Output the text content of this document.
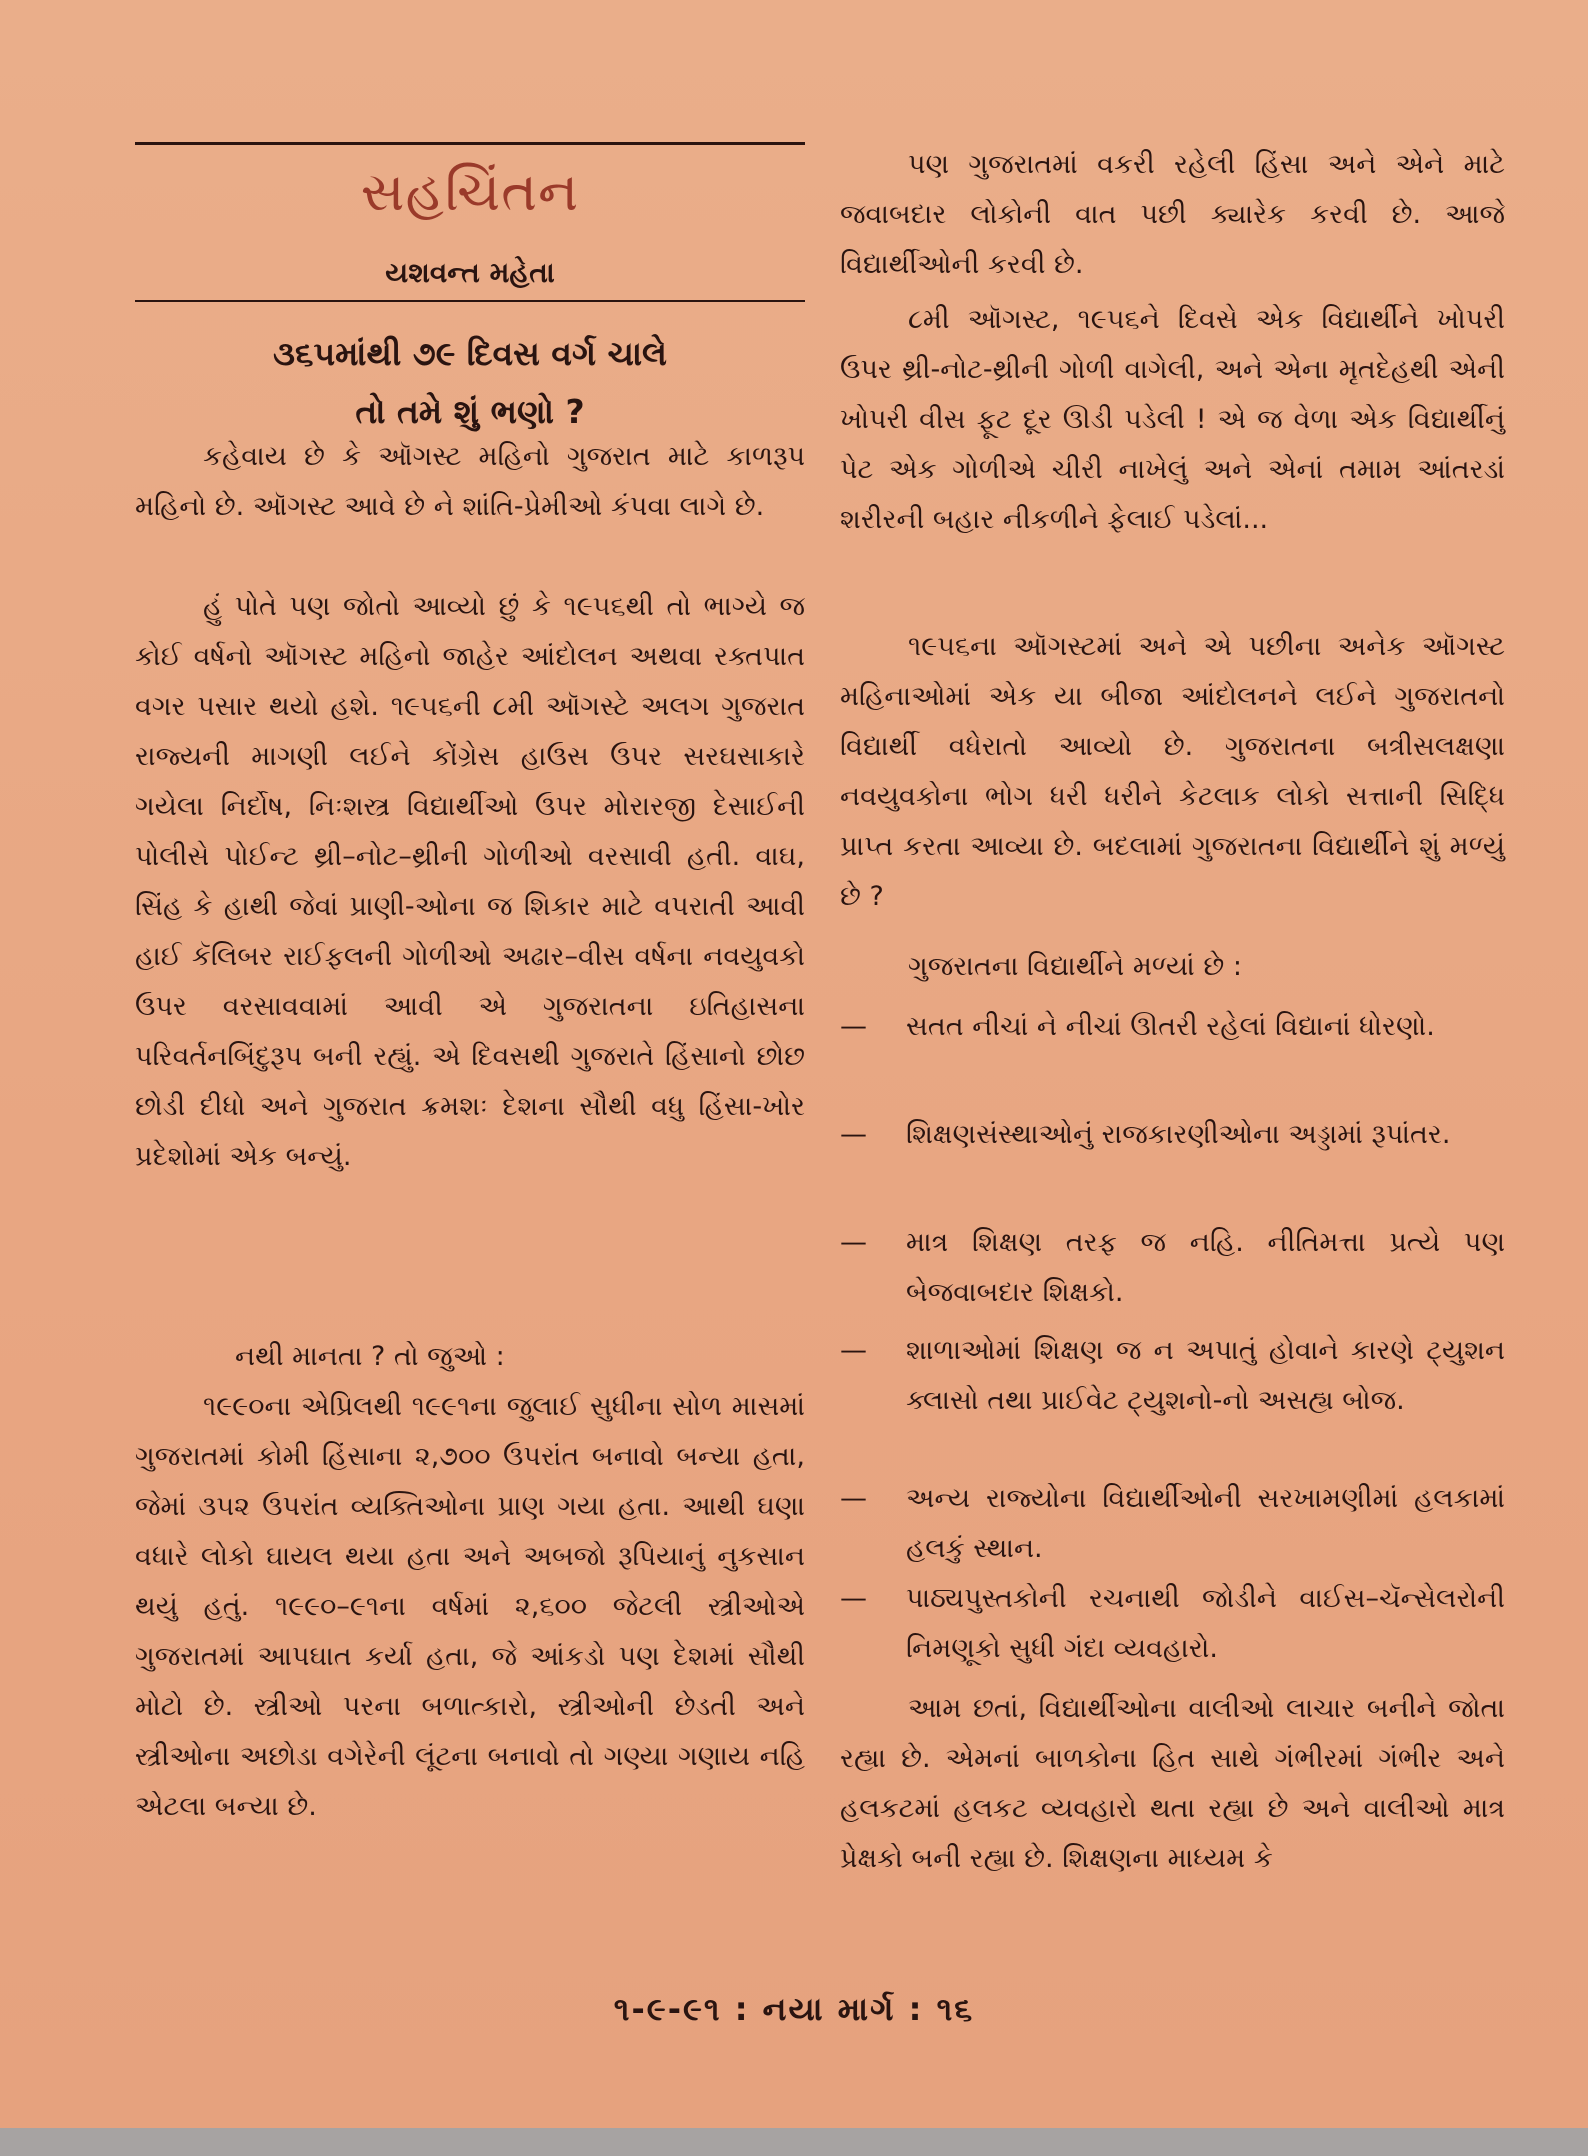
સહચિંતન
યશવન્ત મહેતા
૩૬૫માંથી ૭૯ દિવસ વર્ગ ચાલે
તો તમે શું ભણો ?

કહેવાય છે કે ઑગસ્ટ મહિનો ગુજરાત માટે કાળરૂપ મહિનો છે. ઑગસ્ટ આવે છે ને શાંતિ-પ્રેમીઓ કંપવા લાગે છે.

હું પોતે પણ જોતો આવ્યો છું કે ૧૯૫૬થી તો ભાગ્યે જ કોઈ વર્ષનો ઑગસ્ટ મહિનો જાહેર આંદોલન અથવા રક્તપાત વગર પસાર થયો હશે. ૧૯૫૬ની ૮મી ઑગસ્ટે અલગ ગુજરાત રાજ્યની માગણી લઈને કોંગ્રેસ હાઉસ ઉપર સરઘસાકારે ગયેલા નિર્દોષ, નિઃશસ્ત્ર વિદ્યાર્થીઓ ઉપર મોરારજી દેસાઈની પોલીસે પોઈન્ટ થ્રી–નોટ–થ્રીની ગોળીઓ વરસાવી હતી. વાઘ, સિંહ કે હાથી જેવાં પ્રાણી-ઓના જ શિકાર માટે વપરાતી આવી હાઈ કૅલિબર રાઈફલની ગોળીઓ અઢાર–વીસ વર્ષના નવયુવકો ઉપર વરસાવવામાં આવી એ ગુજરાતના ઇતિહાસના પરિવર્તનબિંદુરૂપ બની રહ્યું. એ દિવસથી ગુજરાતે હિંસાનો છોછ છોડી દીધો અને ગુજરાત ક્રમશઃ દેશના સૌથી વધુ હિંસા-ખોર પ્રદેશોમાં એક બન્યું.

નથી માનતા ? તો જુઓ :

૧૯૯૦ના એપ્રિલથી ૧૯૯૧ના જુલાઈ સુધીના સોળ માસમાં ગુજરાતમાં કોમી હિંસાના ૨,૭૦૦ ઉપરાંત બનાવો બન્યા હતા, જેમાં ૩૫૨ ઉપરાંત વ્યક્તિઓના પ્રાણ ગયા હતા. આથી ઘણા વધારે લોકો ઘાયલ થયા હતા અને અબજો રૂપિયાનું નુકસાન થયું હતું. ૧૯૯૦–૯૧ના વર્ષમાં ૨,૬૦૦ જેટલી સ્ત્રીઓએ ગુજરાતમાં આપઘાત કર્યા હતા, જે આંકડો પણ દેશમાં સૌથી મોટો છે. સ્ત્રીઓ પરના બળાત્કારો, સ્ત્રીઓની છેડતી અને સ્ત્રીઓના અછોડા વગેરેની લૂંટના બનાવો તો ગણ્યા ગણાય નહિ એટલા બન્યા છે.

પણ ગુજરાતમાં વકરી રહેલી હિંસા અને એને માટે જવાબદાર લોકોની વાત પછી ક્યારેક કરવી છે. આજે વિદ્યાર્થીઓની કરવી છે.

૮મી ઑગસ્ટ, ૧૯૫૬ને દિવસે એક વિદ્યાર્થીને ખોપરી ઉપર થ્રી-નોટ-થ્રીની ગોળી વાગેલી, અને એના મૃતદેહથી એની ખોપરી વીસ ફૂટ દૂર ઊડી પડેલી ! એ જ વેળા એક વિદ્યાર્થીનું પેટ એક ગોળીએ ચીરી નાખેલું અને એનાં તમામ આંતરડાં શરીરની બહાર નીકળીને ફેલાઈ પડેલાં...

૧૯૫૬ના ઑગસ્ટમાં અને એ પછીના અનેક ઑગસ્ટ મહિનાઓમાં એક યા બીજા આંદોલનને લઈને ગુજરાતનો વિદ્યાર્થી વધેરાતો આવ્યો છે. ગુજરાતના બત્રીસલક્ષણા નવયુવકોના ભોગ ધરી ધરીને કેટલાક લોકો સત્તાની સિદ્ધિ પ્રાપ્ત કરતા આવ્યા છે. બદલામાં ગુજરાતના વિદ્યાર્થીને શું મળ્યું છે ?

ગુજરાતના વિદ્યાર્થીને મળ્યાં છે :

—	સતત નીચાં ને નીચાં ઊતરી રહેલાં વિદ્યાનાં ધોરણો.
—	શિક્ષણસંસ્થાઓનું રાજકારણીઓના અડ્ડામાં રૂપાંતર.
—	માત્ર શિક્ષણ તરફ જ નહિ. નીતિમત્તા પ્રત્યે પણ બેજવાબદાર શિક્ષકો.
—	શાળાઓમાં શિક્ષણ જ ન અપાતું હોવાને કારણે ટ્યુશન ક્લાસો તથા પ્રાઈવેટ ટ્યુશનો-નો અસહ્ય બોજ.
—	અન્ય રાજ્યોના વિદ્યાર્થીઓની સરખામણીમાં હલકામાં હલકું સ્થાન.
—	પાઠ્યપુસ્તકોની રચનાથી જોડીને વાઈસ–ચૅન્સેલરોની નિમણૂકો સુધી ગંદા વ્યવહારો.

આમ છતાં, વિદ્યાર્થીઓના વાલીઓ લાચાર બનીને જોતા રહ્યા છે. એમનાં બાળકોના હિત સાથે ગંભીરમાં ગંભીર અને હલકટમાં હલકટ વ્યવહારો થતા રહ્યા છે અને વાલીઓ માત્ર પ્રેક્ષકો બની રહ્યા છે. શિક્ષણના માધ્યમ કે

૧-૯-૯૧ : નયા માર્ગ : ૧૬
